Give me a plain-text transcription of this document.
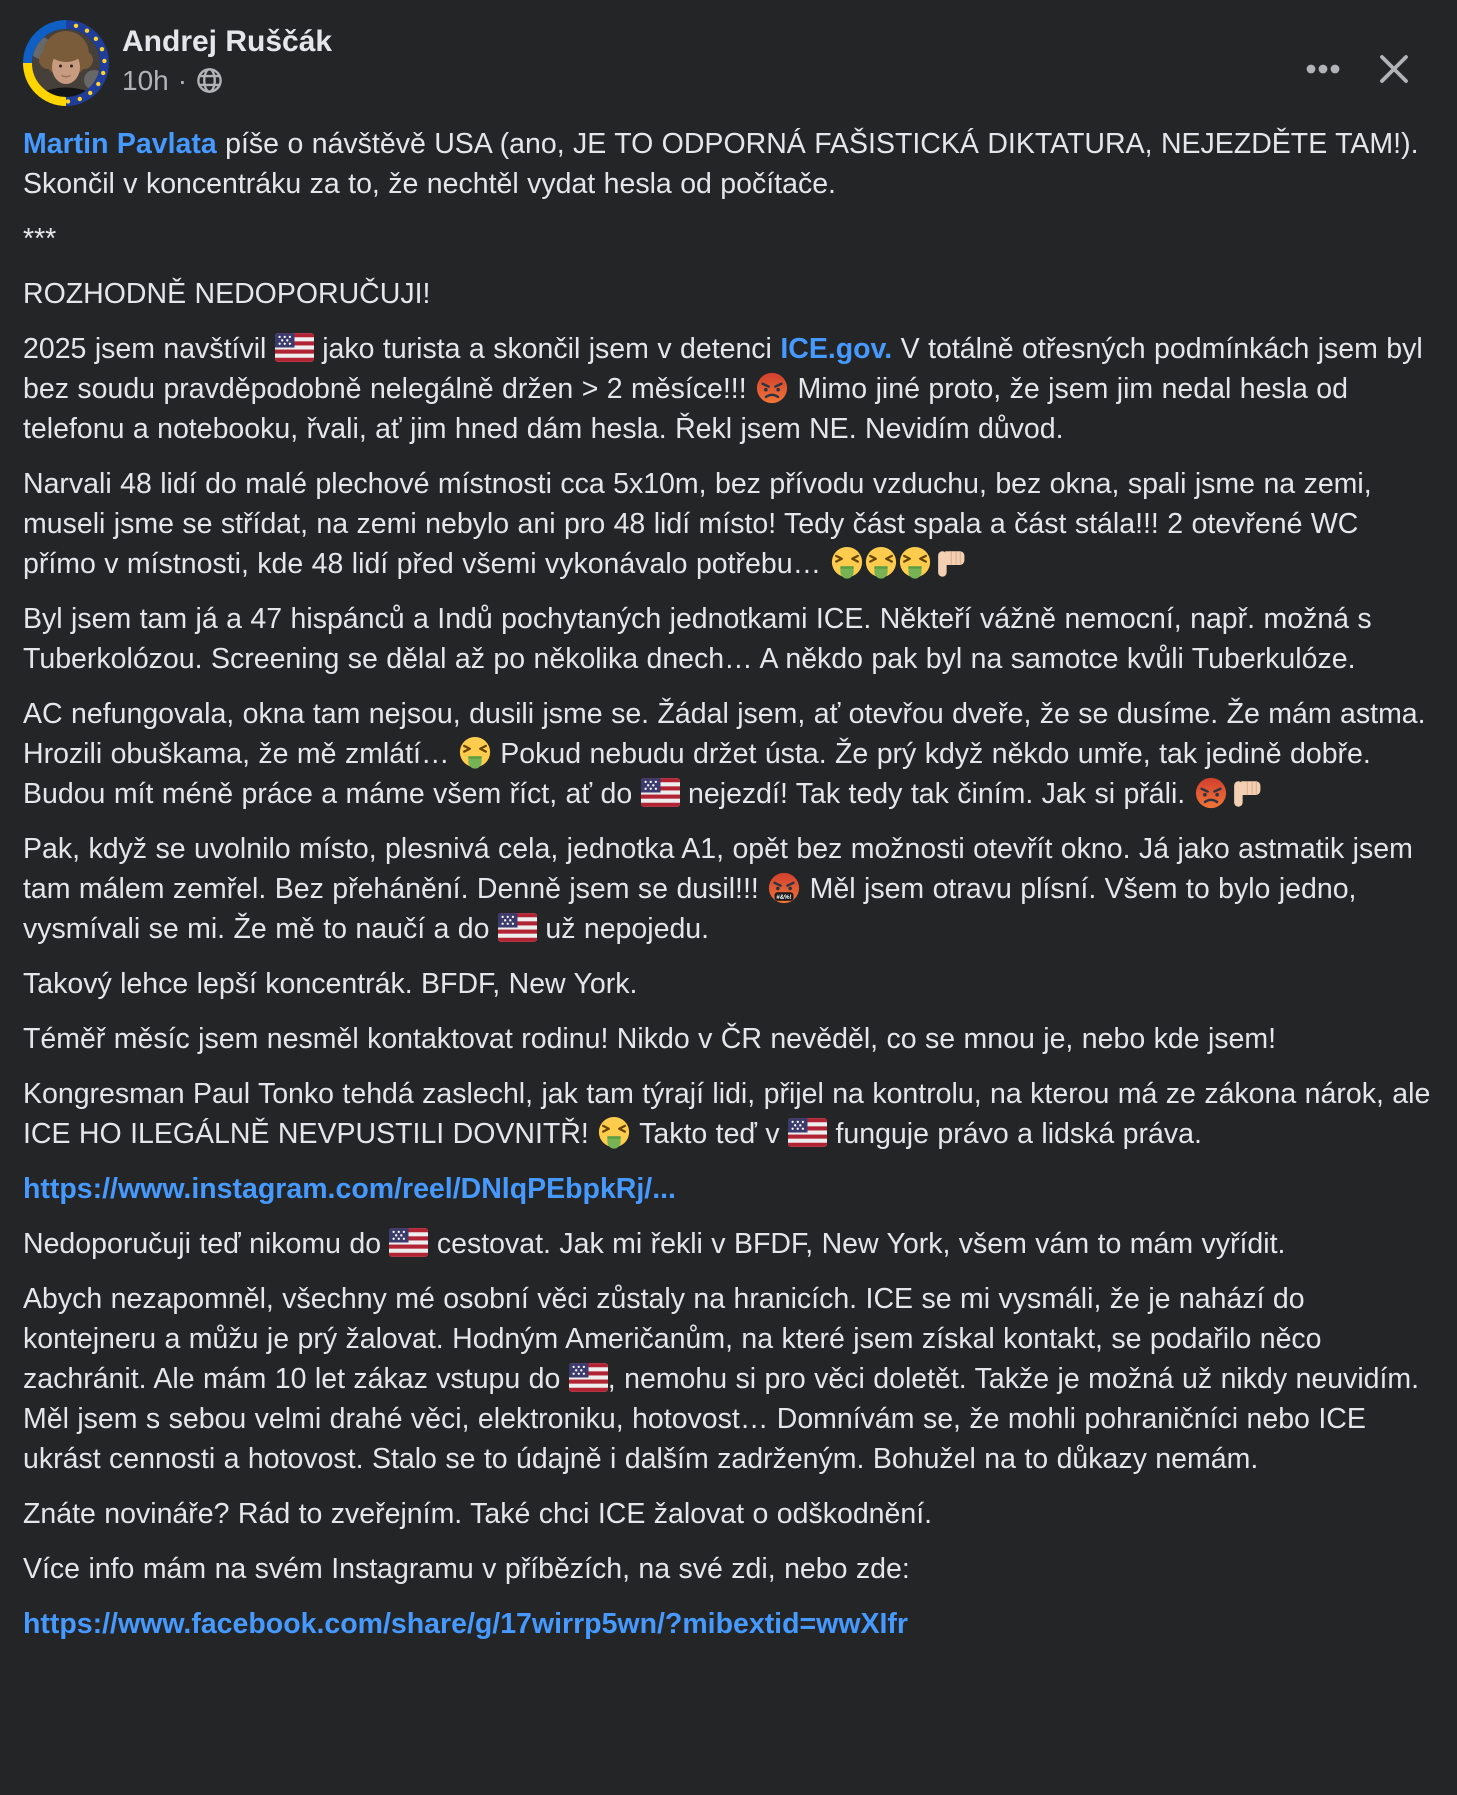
Andrej Ruščák
10h ·

Martin Pavlata píše o návštěvě USA (ano, JE TO ODPORNÁ FAŠISTICKÁ DIKTATURA, NEJEZDĚTE TAM!). Skončil v koncentráku za to, že nechtěl vydat hesla od počítače.

***

ROZHODNĚ NEDOPORUČUJI!

2025 jsem navštívil  jako turista a skončil jsem v detenci ICE.gov. V totálně otřesných podmínkách jsem byl bez soudu pravděpodobně nelegálně držen > 2 měsíce!!!  Mimo jiné proto, že jsem jim nedal hesla od telefonu a notebooku, řvali, ať jim hned dám hesla. Řekl jsem NE. Nevidím důvod.

Narvali 48 lidí do malé plechové místnosti cca 5x10m, bez přívodu vzduchu, bez okna, spali jsme na zemi, museli jsme se střídat, na zemi nebylo ani pro 48 lidí místo! Tedy část spala a část stála!!! 2 otevřené WC přímo v místnosti, kde 48 lidí před všemi vykonávalo potřebu…

Byl jsem tam já a 47 hispánců a Indů pochytaných jednotkami ICE. Někteří vážně nemocní, např. možná s Tuberkolózou. Screening se dělal až po několika dnech… A někdo pak byl na samotce kvůli Tuberkulóze.

AC nefungovala, okna tam nejsou, dusili jsme se. Žádal jsem, ať otevřou dveře, že se dusíme. Že mám astma. Hrozili obuškama, že mě zmlátí…  Pokud nebudu držet ústa. Že prý když někdo umře, tak jedině dobře. Budou mít méně práce a máme všem říct, ať do  nejezdí! Tak tedy tak činím. Jak si přáli.

Pak, když se uvolnilo místo, plesnivá cela, jednotka A1, opět bez možnosti otevřít okno. Já jako astmatik jsem tam málem zemřel. Bez přehánění. Denně jsem se dusil!!! #&%! Měl jsem otravu plísní. Všem to bylo jedno, vysmívali se mi. Že mě to naučí a do  už nepojedu.

Takový lehce lepší koncentrák. BFDF, New York.

Téměř měsíc jsem nesměl kontaktovat rodinu! Nikdo v ČR nevěděl, co se mnou je, nebo kde jsem!

Kongresman Paul Tonko tehdá zaslechl, jak tam týrají lidi, přijel na kontrolu, na kterou má ze zákona nárok, ale ICE HO ILEGÁLNĚ NEVPUSTILI DOVNITŘ!  Takto teď v  funguje právo a lidská práva.

https://www.instagram.com/reel/DNlqPEbpkRj/...

Nedoporučuji teď nikomu do  cestovat. Jak mi řekli v BFDF, New York, všem vám to mám vyřídit.

Abych nezapomněl, všechny mé osobní věci zůstaly na hranicích. ICE se mi vysmáli, že je nahází do kontejneru a můžu je prý žalovat. Hodným Američanům, na které jsem získal kontakt, se podařilo něco zachránit. Ale mám 10 let zákaz vstupu do , nemohu si pro věci doletět. Takže je možná už nikdy neuvidím. Měl jsem s sebou velmi drahé věci, elektroniku, hotovost… Domnívám se, že mohli pohraničníci nebo ICE ukrást cennosti a hotovost. Stalo se to údajně i dalším zadrženým. Bohužel na to důkazy nemám.

Znáte novináře? Rád to zveřejním. Také chci ICE žalovat o odškodnění.

Více info mám na svém Instagramu v příbězích, na své zdi, nebo zde:

https://www.facebook.com/share/g/17wirrp5wn/?mibextid=wwXIfr
